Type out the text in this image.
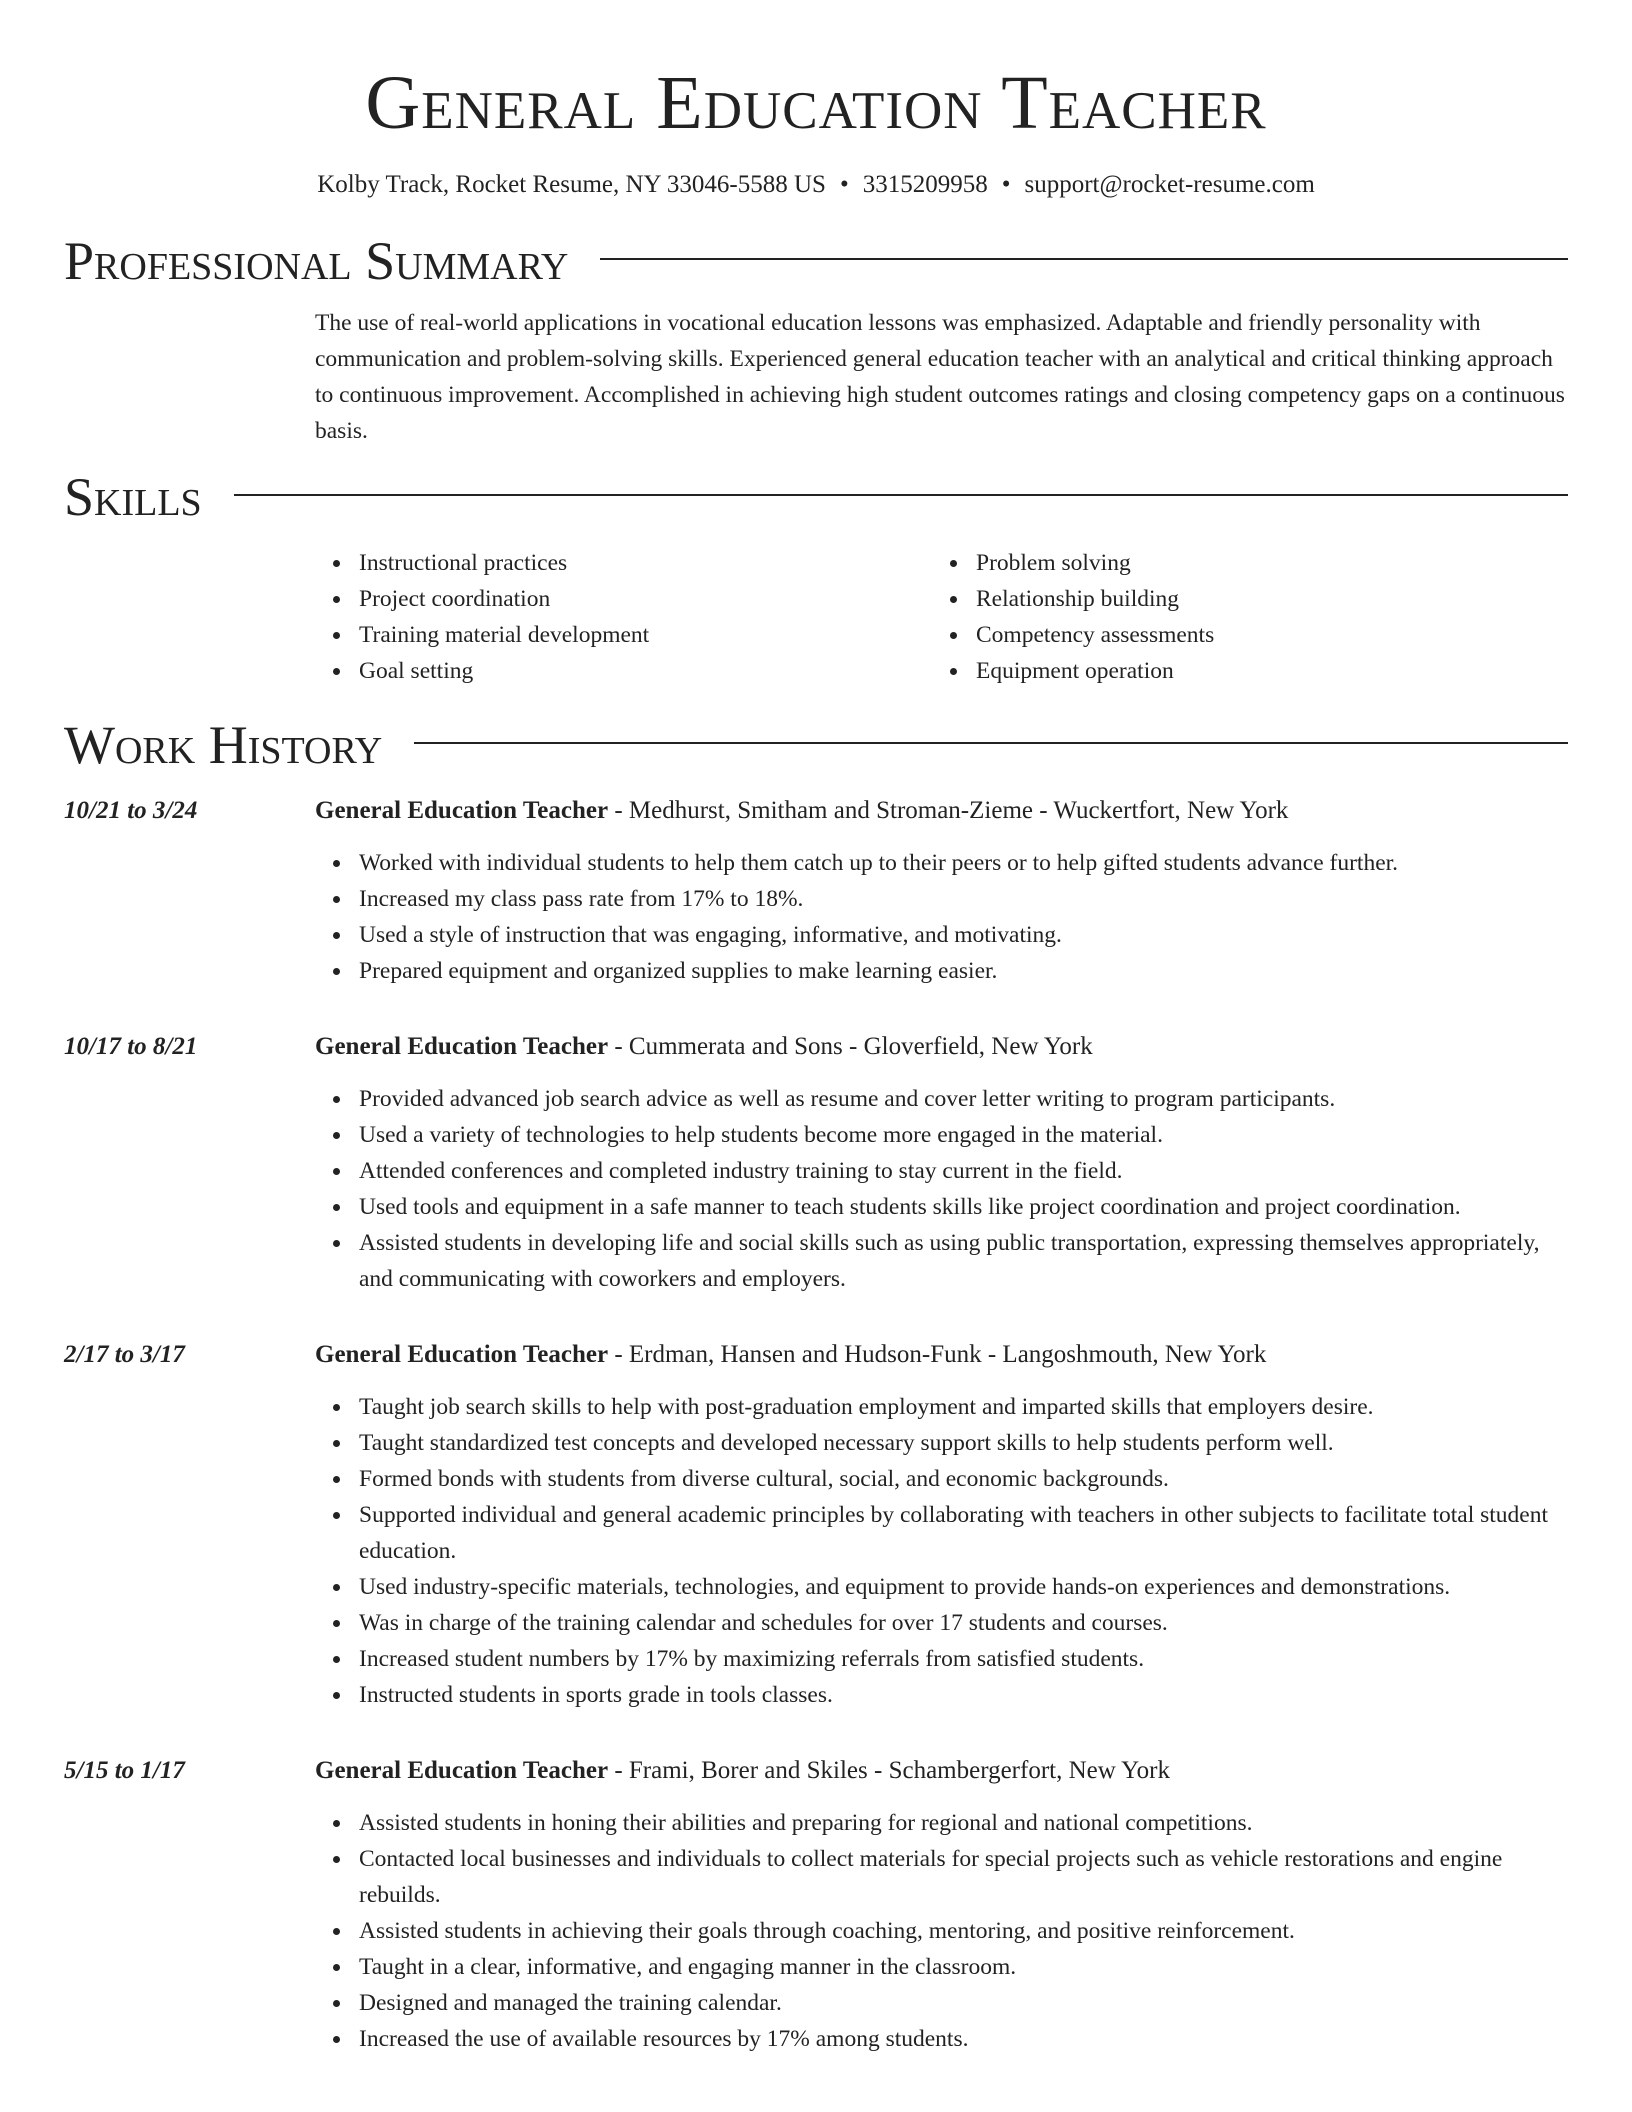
General Education Teacher
Kolby Track, Rocket Resume, NY 33046-5588 US • 3315209958 • support@rocket-resume.com
Professional Summary

The use of real-world applications in vocational education lessons was emphasized. Adaptable and friendly personality with communication and problem-solving skills. Experienced general education teacher with an analytical and critical thinking approach to continuous improvement. Accomplished in achieving high student outcomes ratings and closing competency gaps on a continuous basis.

Skills
Instructional practices
Project coordination
Training material development
Goal setting
Problem solving
Relationship building
Competency assessments
Equipment operation
Work History
10/21 to 3/24	General Education Teacher - Medhurst, Smitham and Stroman-Zieme - Wuckertfort, New York
Worked with individual students to help them catch up to their peers or to help gifted students advance further.
Increased my class pass rate from 17% to 18%.
Used a style of instruction that was engaging, informative, and motivating.
Prepared equipment and organized supplies to make learning easier.
10/17 to 8/21	General Education Teacher - Cummerata and Sons - Gloverfield, New York
Provided advanced job search advice as well as resume and cover letter writing to program participants.
Used a variety of technologies to help students become more engaged in the material.
Attended conferences and completed industry training to stay current in the field.
Used tools and equipment in a safe manner to teach students skills like project coordination and project coordination.
Assisted students in developing life and social skills such as using public transportation, expressing themselves appropriately, and communicating with coworkers and employers.
2/17 to 3/17	General Education Teacher - Erdman, Hansen and Hudson-Funk - Langoshmouth, New York
Taught job search skills to help with post-graduation employment and imparted skills that employers desire.
Taught standardized test concepts and developed necessary support skills to help students perform well.
Formed bonds with students from diverse cultural, social, and economic backgrounds.
Supported individual and general academic principles by collaborating with teachers in other subjects to facilitate total student education.
Used industry-specific materials, technologies, and equipment to provide hands-on experiences and demonstrations.
Was in charge of the training calendar and schedules for over 17 students and courses.
Increased student numbers by 17% by maximizing referrals from satisfied students.
Instructed students in sports grade in tools classes.
5/15 to 1/17	General Education Teacher - Frami, Borer and Skiles - Schambergerfort, New York
Assisted students in honing their abilities and preparing for regional and national competitions.
Contacted local businesses and individuals to collect materials for special projects such as vehicle restorations and engine rebuilds.
Assisted students in achieving their goals through coaching, mentoring, and positive reinforcement.
Taught in a clear, informative, and engaging manner in the classroom.
Designed and managed the training calendar.
Increased the use of available resources by 17% among students.
